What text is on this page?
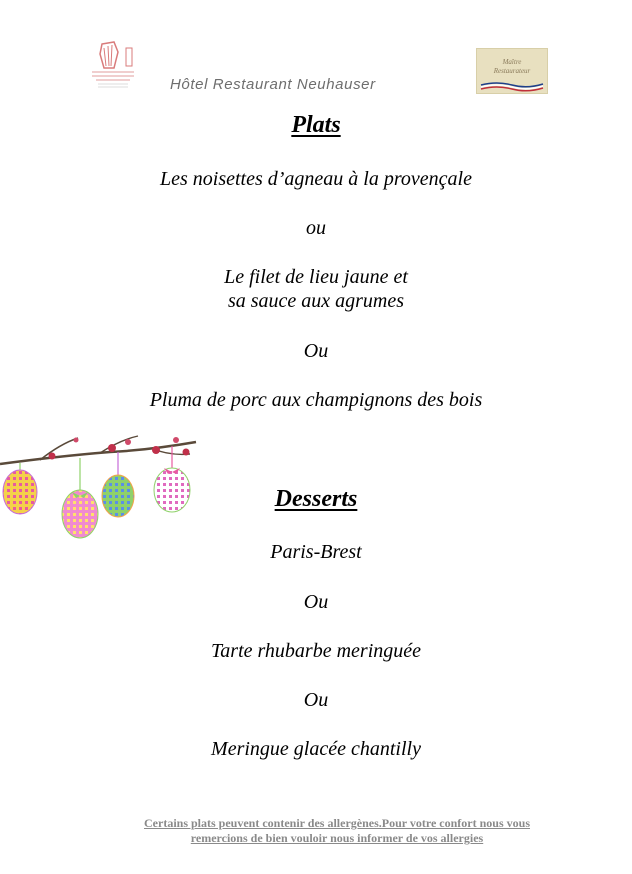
Hôtel Restaurant Neuhauser
Maître
Restaurateur
Plats
Les noisettes d’agneau à la provençale
ou
Le filet de lieu jaune et
sa sauce aux agrumes
Ou
Pluma de porc aux champignons des bois
Desserts
Paris-Brest
Ou
Tarte rhubarbe meringuée
Ou
Meringue glacée chantilly
Certains plats peuvent contenir des allergènes.Pour votre confort nous vous
remercions de bien vouloir nous informer de vos allergies
